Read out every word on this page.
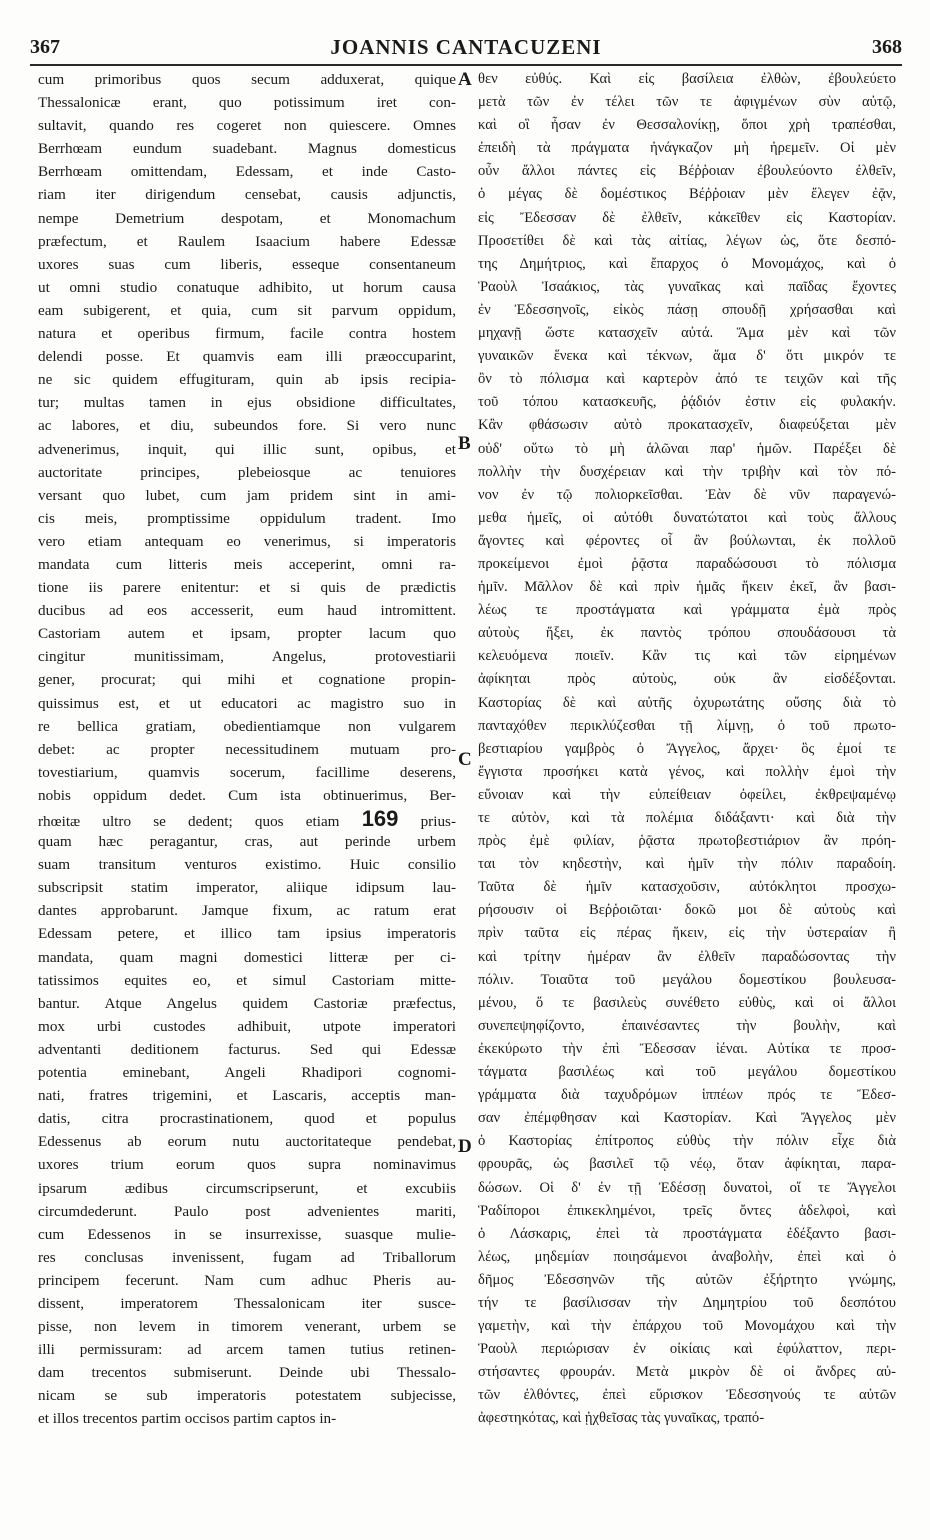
JOANNIS CANTACUZENI
367	368
cum primoribus quos secum adduxerat, quique
Thessalonicæ erant, quo potissimum iret con-
sultavit, quando res cogeret non quiescere. Omnes
Berrhœam eundum suadebant. Magnus domesticus
Berrhœam omittendam, Edessam, et inde Casto-
riam iter dirigendum censebat, causis adjunctis,
nempe Demetrium despotam, et Monomachum
præfectum, et Raulem Isaacium habere Edessæ
uxores suas cum liberis, esseque consentaneum
ut omni studio conatuque adhibito, ut horum causa
eam subigerent, et quia, cum sit parvum oppidum,
natura et operibus firmum, facile contra hostem
delendi posse. Et quamvis eam illi præoccuparint,
ne sic quidem effugituram, quin ab ipsis recipia-
tur; multas tamen in ejus obsidione difficultates,
ac labores, et diu, subeundos fore. Si vero nunc
advenerimus, inquit, qui illic sunt, opibus, et
auctoritate principes, plebeiosque ac tenuiores
versant quo lubet, cum jam pridem sint in ami-
cis meis, promptissime oppidulum tradent. Imo
vero etiam antequam eo venerimus, si imperatoris
mandata cum litteris meis acceperint, omni ra-
tione iis parere enitentur: et si quis de prædictis
ducibus ad eos accesserit, eum haud intromittent.
Castoriam autem et ipsam, propter lacum quo
cingitur munitissimam, Angelus, protovestiarii
gener, procurat; qui mihi et cognatione propin-
quissimus est, et ut educatori ac magistro suo in
re bellica gratiam, obedientiamque non vulgarem
debet: ac propter necessitudinem mutuam pro-
tovestiarium, quamvis socerum, facillime deserens,
nobis oppidum dedet. Cum ista obtinuerimus, Ber-
rhœitæ ultro se dedent; quos etiam 169 prius-
quam hæc peragantur, cras, aut perinde urbem
suam transitum venturos existimo. Huic consilio
subscripsit statim imperator, aliique idipsum lau-
dantes approbarunt. Jamque fixum, ac ratum erat
Edessam petere, et illico tam ipsius imperatoris
mandata, quam magni domestici litteræ per ci-
tatissimos equites eo, et simul Castoriam mitte-
bantur. Atque Angelus quidem Castoriæ præfectus,
mox urbi custodes adhibuit, utpote imperatori
adventanti deditionem facturus. Sed qui Edessæ
potentia eminebant, Angeli Rhadipori cognomi-
nati, fratres trigemini, et Lascaris, acceptis man-
datis, citra procrastinationem, quod et populus
Edessenus ab eorum nutu auctoritateque pendebat,
uxores trium eorum quos supra nominavimus
ipsarum ædibus circumscripserunt, et excubiis
circumdederunt. Paulo post advenientes mariti,
cum Edessenos in se insurrexisse, suasque mulie-
res conclusas invenissent, fugam ad Triballorum
principem fecerunt. Nam cum adhuc Pheris au-
dissent, imperatorem Thessalonicam iter susce-
pisse, non levem in timorem venerant, urbem se
illi permissuram: ad arcem tamen tutius retinen-
dam trecentos submiserunt. Deinde ubi Thessalo-
nicam se sub imperatoris potestatem subjecisse,
et illos trecentos partim occisos partim captos in-
A
B
C
D
θεν εὐθύς. Καὶ εἰς βασίλεια ἐλθὼν, ἐβουλεύετο
μετὰ τῶν ἐν τέλει τῶν τε ἀφιγμένων σὺν αὐτῷ,
καὶ οἳ ἦσαν ἐν Θεσσαλονίκῃ, ὅποι χρὴ τραπέσθαι,
ἐπειδὴ τὰ πράγματα ἠνάγκαζον μὴ ἠρεμεῖν. Οἱ μὲν
οὖν ἄλλοι πάντες εἰς Βέῤῥοιαν ἐβουλεύοντο ἐλθεῖν,
ὁ μέγας δὲ δομέστικος Βέῤῥοιαν μὲν ἔλεγεν ἐᾷν,
εἰς Ἔδεσσαν δὲ ἐλθεῖν, κἀκεῖθεν εἰς Καστορίαν.
Προσετίθει δὲ καὶ τὰς αἰτίας, λέγων ὡς, ὅτε δεσπό-
της Δημήτριος, καὶ ἔπαρχος ὁ Μονομάχος, καὶ ὁ
Ῥαοὺλ Ἰσαάκιος, τὰς γυναῖκας καὶ παῖδας ἔχοντες
ἐν Ἐδεσσηνοῖς, εἰκὸς πάσῃ σπουδῇ χρήσασθαι καὶ
μηχανῇ ὥστε κατασχεῖν αὐτά. Ἅμα μὲν καὶ τῶν
γυναικῶν ἕνεκα καὶ τέκνων, ἅμα δ' ὅτι μικρόν τε
ὂν τὸ πόλισμα καὶ καρτερὸν ἀπό τε τειχῶν καὶ τῆς
τοῦ τόπου κατασκευῆς, ῥᾴδιόν ἐστιν εἰς φυλακήν.
Κἂν φθάσωσιν αὐτὸ προκατασχεῖν, διαφεύξεται μὲν
οὐδ' οὕτω τὸ μὴ ἁλῶναι παρ' ἡμῶν. Παρέξει δὲ
πολλὴν τὴν δυσχέρειαν καὶ τὴν τριβὴν καὶ τὸν πό-
νον ἐν τῷ πολιορκεῖσθαι. Ἐὰν δὲ νῦν παραγενώ-
μεθα ἡμεῖς, οἱ αὐτόθι δυνατώτατοι καὶ τοὺς ἄλλους
ἄγοντες καὶ φέροντες οἷ ἂν βούλωνται, ἐκ πολλοῦ
προκείμενοι ἐμοὶ ῥᾷστα παραδώσουσι τὸ πόλισμα
ἡμῖν. Μᾶλλον δὲ καὶ πρὶν ἡμᾶς ἥκειν ἐκεῖ, ἂν βασι-
λέως τε προστάγματα καὶ γράμματα ἐμὰ πρὸς
αὐτοὺς ἥξει, ἐκ παντὸς τρόπου σπουδάσουσι τὰ
κελευόμενα ποιεῖν. Κἂν τις καὶ τῶν εἰρημένων
ἀφίκηται πρὸς αὐτοὺς, οὐκ ἂν εἰσδέξονται.
Καστορίας δὲ καὶ αὐτῆς ὀχυρωτάτης οὔσης διὰ τὸ
πανταχόθεν περικλύζεσθαι τῇ λίμνῃ, ὁ τοῦ πρωτο-
βεστιαρίου γαμβρὸς ὁ Ἄγγελος, ἄρχει· ὃς ἐμοί τε
ἔγγιστα προσήκει κατὰ γένος, καὶ πολλὴν ἐμοὶ τὴν
εὔνοιαν καὶ τὴν εὐπείθειαν ὀφείλει, ἐκθρεψαμένῳ
τε αὐτὸν, καὶ τὰ πολέμια διδάξαντι· καὶ διὰ τὴν
πρὸς ἐμὲ φιλίαν, ῥᾷστα πρωτοβεστιάριον ἂν πρόη-
ται τὸν κηδεστὴν, καὶ ἡμῖν τὴν πόλιν παραδοίη.
Ταῦτα δὲ ἡμῖν κατασχοῦσιν, αὐτόκλητοι προσχω-
ρήσουσιν οἱ Βεῤῥοιῶται· δοκῶ μοι δὲ αὐτοὺς καὶ
πρὶν ταῦτα εἰς πέρας ἥκειν, εἰς τὴν ὑστεραίαν ἢ
καὶ τρίτην ἡμέραν ἂν ἐλθεῖν παραδώσοντας τὴν
πόλιν. Τοιαῦτα τοῦ μεγάλου δομεστίκου βουλευσα-
μένου, ὅ τε βασιλεὺς συνέθετο εὐθὺς, καὶ οἱ ἄλλοι
συνεπεψηφίζοντο, ἐπαινέσαντες τὴν βουλὴν, καὶ
ἐκεκύρωτο τὴν ἐπὶ Ἔδεσσαν ἰέναι. Αὐτίκα τε προσ-
τάγματα βασιλέως καὶ τοῦ μεγάλου δομεστίκου
γράμματα διὰ ταχυδρόμων ἱππέων πρός τε Ἔδεσ-
σαν ἐπέμφθησαν καὶ Καστορίαν. Καὶ Ἄγγελος μὲν
ὁ Καστορίας ἐπίτροπος εὐθὺς τὴν πόλιν εἶχε διὰ
φρουρᾶς, ὡς βασιλεῖ τῷ νέῳ, ὅταν ἀφίκηται, παρα-
δώσων. Οἱ δ' ἐν τῇ Ἐδέσσῃ δυνατοὶ, οἵ τε Ἄγγελοι
Ῥαδίποροι ἐπικεκλημένοι, τρεῖς ὄντες ἀδελφοὶ, καὶ
ὁ Λάσκαρις, ἐπεὶ τὰ προστάγματα ἐδέξαντο βασι-
λέως, μηδεμίαν ποιησάμενοι ἀναβολὴν, ἐπεὶ καὶ ὁ
δῆμος Ἐδεσσηνῶν τῆς αὐτῶν ἐξήρτητο γνώμης,
τήν τε βασίλισσαν τὴν Δημητρίου τοῦ δεσπότου
γαμετὴν, καὶ τὴν ἐπάρχου τοῦ Μονομάχου καὶ τὴν
Ῥαοὺλ περιώρισαν ἐν οἰκίαις καὶ ἐφύλαττον, περι-
στήσαντες φρουράν. Μετὰ μικρὸν δὲ οἱ ἄνδρες αὐ-
τῶν ἐλθόντες, ἐπεὶ εὕρισκον Ἐδεσσηνούς τε αὐτῶν
ἀφεστηκότας, καὶ ᾐχθεῖσας τὰς γυναῖκας, τραπό-
